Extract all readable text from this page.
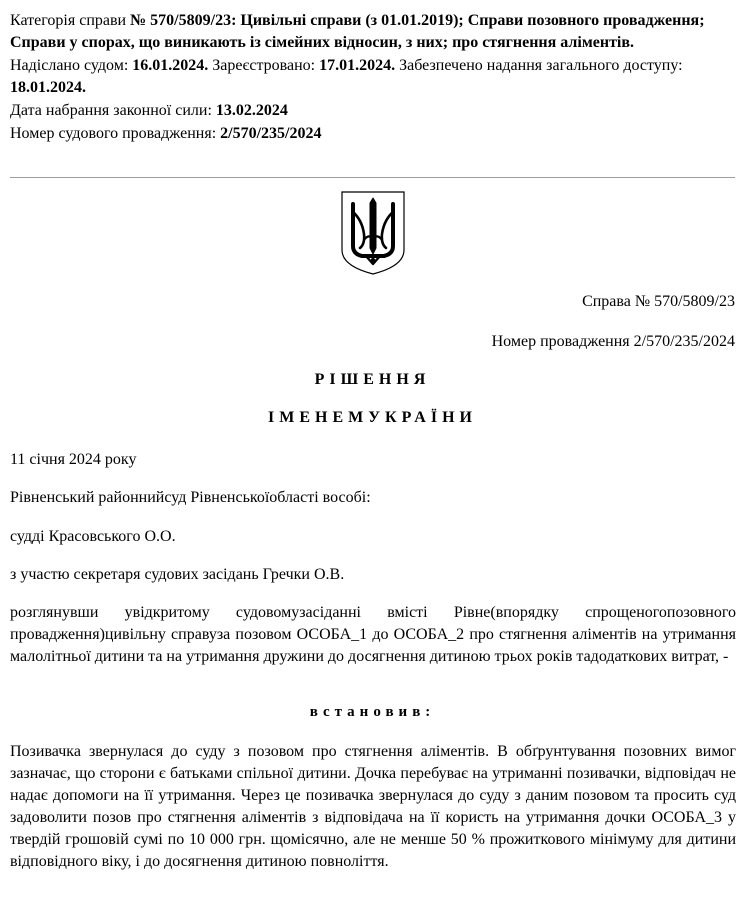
Категорія справи № 570/5809/23: Цивільні справи (з 01.01.2019); Справи позовного провадження; Справи у спорах, що виникають із сімейних відносин, з них; про стягнення аліментів.

Надіслано судом: 16.01.2024. Зареєстровано: 17.01.2024. Забезпечено надання загального доступу: 18.01.2024.

Дата набрання законної сили: 13.02.2024

Номер судового провадження: 2/570/235/2024

Справа № 570/5809/23
Номер провадження 2/570/235/2024
РІШЕННЯ
ІМЕНЕМУКРАЇНИ

11 січня 2024 року

Рівненський районнийсуд Рівненськоїобласті вособі:

судді Красовського О.О.

з участю секретаря судових засідань Гречки О.В.

розглянувши увідкритому судовомузасіданні вмісті Рівне(впорядку спрощеногопозовного провадження)цивільну справуза позовом ОСОБА_1 до ОСОБА_2 про стягнення аліментів на утримання малолітньої дитини та на утримання дружини до досягнення дитиною трьох років тадодаткових витрат, -

встановив:

Позивачка звернулася до суду з позовом про стягнення аліментів. В обґрунтування позовних вимог зазначає, що сторони є батьками спільної дитини. Дочка перебуває на утриманні позивачки, відповідач не надає допомоги на її утримання. Через це позивачка звернулася до суду з даним позовом та просить суд задоволити позов про стягнення аліментів з відповідача на її користь на утримання дочки ОСОБА_3 у твердій грошовій сумі по 10 000 грн. щомісячно, але не менше 50 % прожиткового мінімуму для дитини відповідного віку, і до досягнення дитиною повноліття.
